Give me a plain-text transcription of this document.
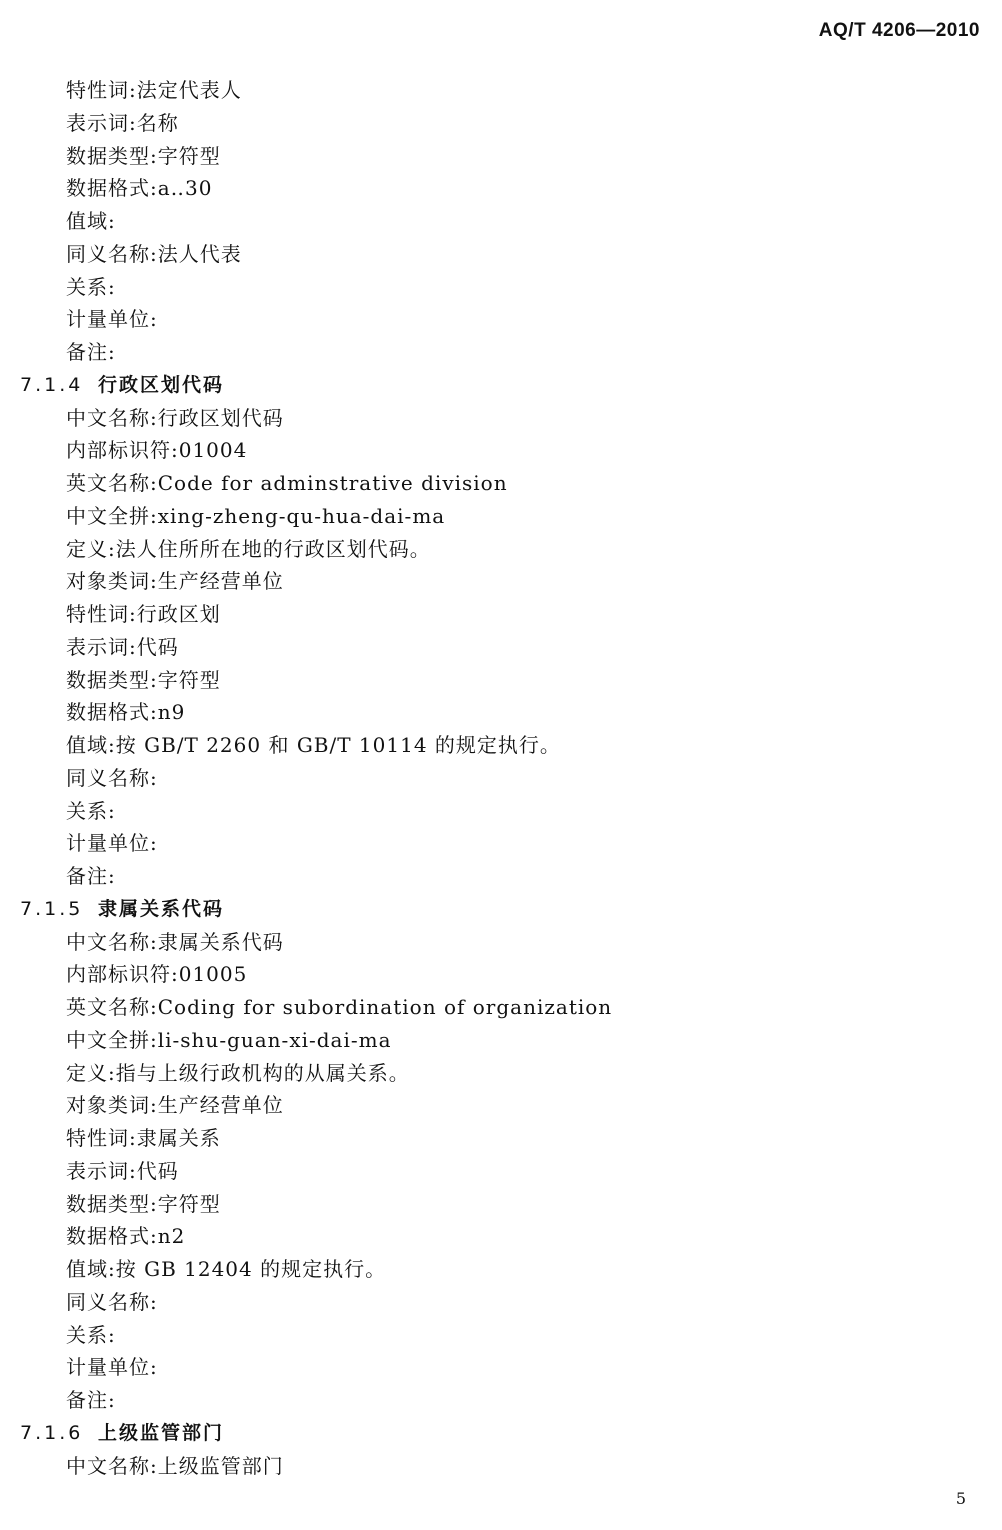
AQ/T 4206—2010
特性词:法定代表人
表示词:名称
数据类型:字符型
数据格式:a‥30
值域:
同义名称:法人代表
关系:
计量单位:
备注:
7.1.4 行政区划代码
中文名称:行政区划代码
内部标识符:01004
英文名称:Code for adminstrative division
中文全拼:xing-zheng-qu-hua-dai-ma
定义:法人住所所在地的行政区划代码。
对象类词:生产经营单位
特性词:行政区划
表示词:代码
数据类型:字符型
数据格式:n9
值域:按 GB/T 2260 和 GB/T 10114 的规定执行。
同义名称:
关系:
计量单位:
备注:
7.1.5 隶属关系代码
中文名称:隶属关系代码
内部标识符:01005
英文名称:Coding for subordination of organization
中文全拼:li-shu-guan-xi-dai-ma
定义:指与上级行政机构的从属关系。
对象类词:生产经营单位
特性词:隶属关系
表示词:代码
数据类型:字符型
数据格式:n2
值域:按 GB 12404 的规定执行。
同义名称:
关系:
计量单位:
备注:
7.1.6 上级监管部门
中文名称:上级监管部门
5
